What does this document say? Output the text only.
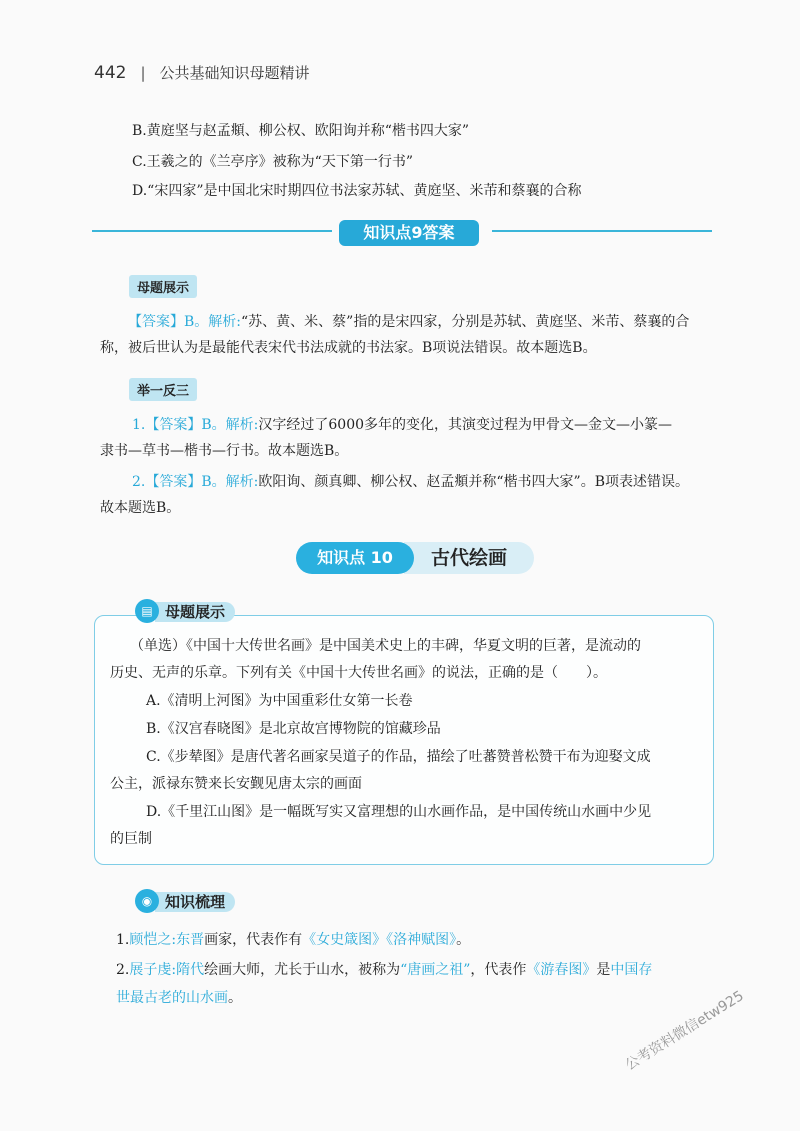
442 | 公共基础知识母题精讲
B.黄庭坚与赵孟頫、柳公权、欧阳询并称“楷书四大家”
C.王羲之的《兰亭序》被称为“天下第一行书”
D.“宋四家”是中国北宋时期四位书法家苏轼、黄庭坚、米芾和蔡襄的合称
知识点9答案
母题展示
【答案】B。解析:“苏、黄、米、蔡”指的是宋四家，分别是苏轼、黄庭坚、米芾、蔡襄的合
称，被后世认为是最能代表宋代书法成就的书法家。B项说法错误。故本题选B。
举一反三
1.【答案】B。解析:汉字经过了6000多年的变化，其演变过程为甲骨文—金文—小篆—
隶书—草书—楷书—行书。故本题选B。
2.【答案】B。解析:欧阳询、颜真卿、柳公权、赵孟頫并称“楷书四大家”。B项表述错误。
故本题选B。
古代绘画
知识点 10
母题展示
▤
（单选）《中国十大传世名画》是中国美术史上的丰碑，华夏文明的巨著，是流动的
历史、无声的乐章。下列有关《中国十大传世名画》的说法，正确的是（　　）。
A.《清明上河图》为中国重彩仕女第一长卷
B.《汉宫春晓图》是北京故宫博物院的馆藏珍品
C.《步辇图》是唐代著名画家吴道子的作品，描绘了吐蕃赞普松赞干布为迎娶文成
公主，派禄东赞来长安觐见唐太宗的画面
D.《千里江山图》是一幅既写实又富理想的山水画作品，是中国传统山水画中少见
的巨制
知识梳理
◉
1.顾恺之:东晋画家，代表作有《女史箴图》《洛神赋图》。
2.展子虔:隋代绘画大师，尤长于山水，被称为“唐画之祖”，代表作《游春图》是中国存
世最古老的山水画。	公考资料微信etw925
